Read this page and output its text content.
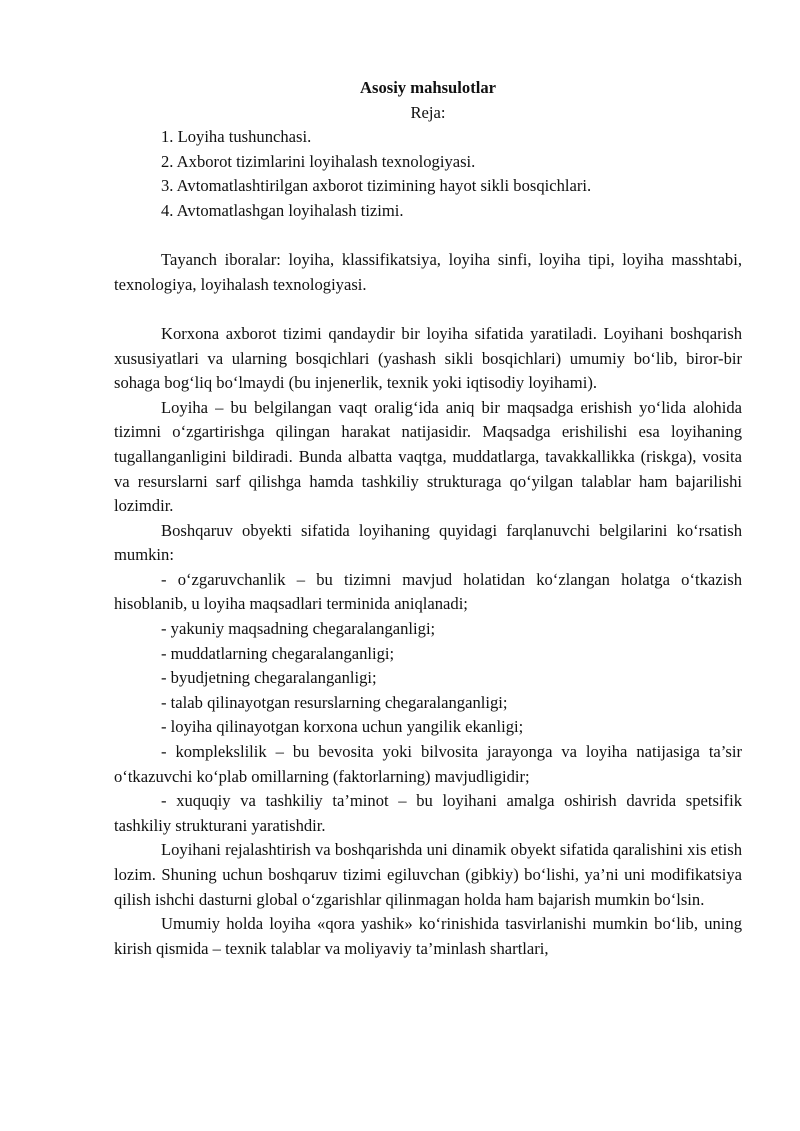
Asosiy mahsulotlar

Reja:

1. Loyiha tushunchasi.
2. Axborot tizimlarini loyihalash texnologiyasi.
3. Avtomatlashtirilgan axborot tizimining hayot sikli bosqichlari.
4. Avtomatlashgan loyihalash tizimi.

Tayanch iboralar: loyiha, klassifikatsiya, loyiha sinfi, loyiha tipi, loyiha masshtabi, texnologiya, loyihalash texnologiyasi.

Korxona axborot tizimi qandaydir bir loyiha sifatida yaratiladi. Loyihani boshqarish xususiyatlari va ularning bosqichlari (yashash sikli bosqichlari) umumiy bo‘lib, biror-bir sohaga bog‘liq bo‘lmaydi (bu injenerlik, texnik yoki iqtisodiy loyihami).

Loyiha – bu belgilangan vaqt oralig‘ida aniq bir maqsadga erishish yo‘lida alohida tizimni o‘zgartirishga qilingan harakat natijasidir. Maqsadga erishilishi esa loyihaning tugallanganligini bildiradi. Bunda albatta vaqtga, muddatlarga, tavakkallikka (riskga), vosita va resurslarni sarf qilishga hamda tashkiliy strukturaga qo‘yilgan talablar ham bajarilishi lozimdir.

Boshqaruv obyekti sifatida loyihaning quyidagi farqlanuvchi belgilarini ko‘rsatish mumkin:

- o‘zgaruvchanlik – bu tizimni mavjud holatidan ko‘zlangan holatga o‘tkazish hisoblanib, u loyiha maqsadlari terminida aniqlanadi;

- yakuniy maqsadning chegaralanganligi;

- muddatlarning chegaralanganligi;

- byudjetning chegaralanganligi;

- talab qilinayotgan resurslarning chegaralanganligi;

- loyiha qilinayotgan korxona uchun yangilik ekanligi;

- komplekslilik – bu bevosita yoki bilvosita jarayonga va loyiha natijasiga ta’sir o‘tkazuvchi ko‘plab omillarning (faktorlarning) mavjudligidir;

- xuquqiy va tashkiliy ta’minot – bu loyihani amalga oshirish davrida spetsifik tashkiliy strukturani yaratishdir.

Loyihani rejalashtirish va boshqarishda uni dinamik obyekt sifatida qaralishini xis etish lozim. Shuning uchun boshqaruv tizimi egiluvchan (gibkiy) bo‘lishi, ya’ni uni modifikatsiya qilish ishchi dasturni global o‘zgarishlar qilinmagan holda ham bajarish mumkin bo‘lsin.

Umumiy holda loyiha «qora yashik» ko‘rinishida tasvirlanishi mumkin bo‘lib, uning kirish qismida – texnik talablar va moliyaviy ta’minlash shartlari,
